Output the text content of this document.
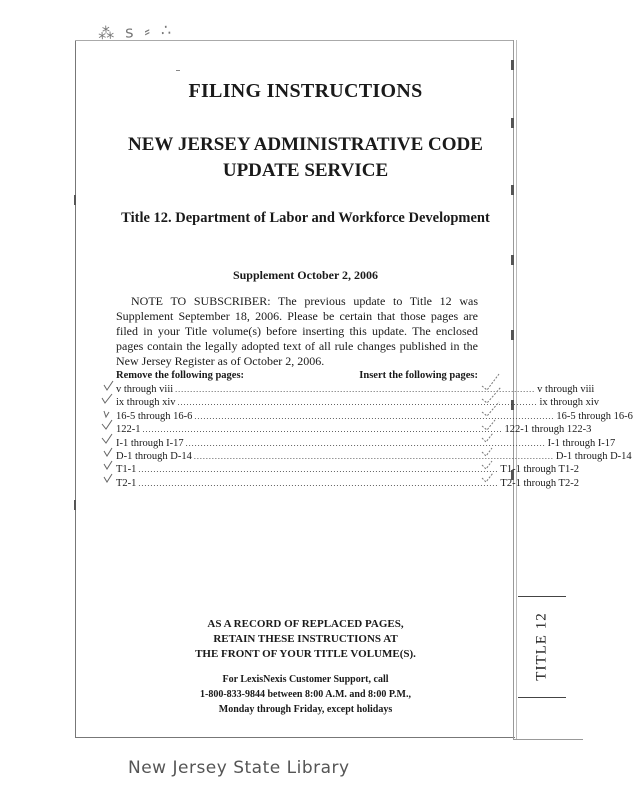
FILING INSTRUCTIONS
NEW JERSEY ADMINISTRATIVE CODE
UPDATE SERVICE
Title 12. Department of Labor and Workforce Development
Supplement October 2, 2006
NOTE TO SUBSCRIBER: The previous update to Title 12 was Supplement September 18, 2006. Please be certain that those pages are filed in your Title volume(s) before inserting this update. The enclosed pages contain the legally adopted text of all rule changes published in the New Jersey Register as of October 2, 2006.
Remove the following pages:	Insert the following pages:
v through viii ........................................................................................................................ v through viii
ix through xiv ........................................................................................................................ ix through xiv
16-5 through 16-6 ........................................................................................................................ 16-5 through 16-6
122-1 ........................................................................................................................ 122-1 through 122-3
I-1 through I-17 ........................................................................................................................ I-1 through I-17
D-1 through D-14 ........................................................................................................................ D-1 through D-14
T1-1 ........................................................................................................................ T1-1 through T1-2
T2-1 ........................................................................................................................ T2-1 through T2-2
AS A RECORD OF REPLACED PAGES,
RETAIN THESE INSTRUCTIONS AT
THE FRONT OF YOUR TITLE VOLUME(S).
For LexisNexis Customer Support, call
1-800-833-9844 between 8:00 A.M. and 8:00 P.M.,
Monday through Friday, except holidays
TITLE 12
⁂ ꜱ ⸗ ∴
New Jersey State Library
